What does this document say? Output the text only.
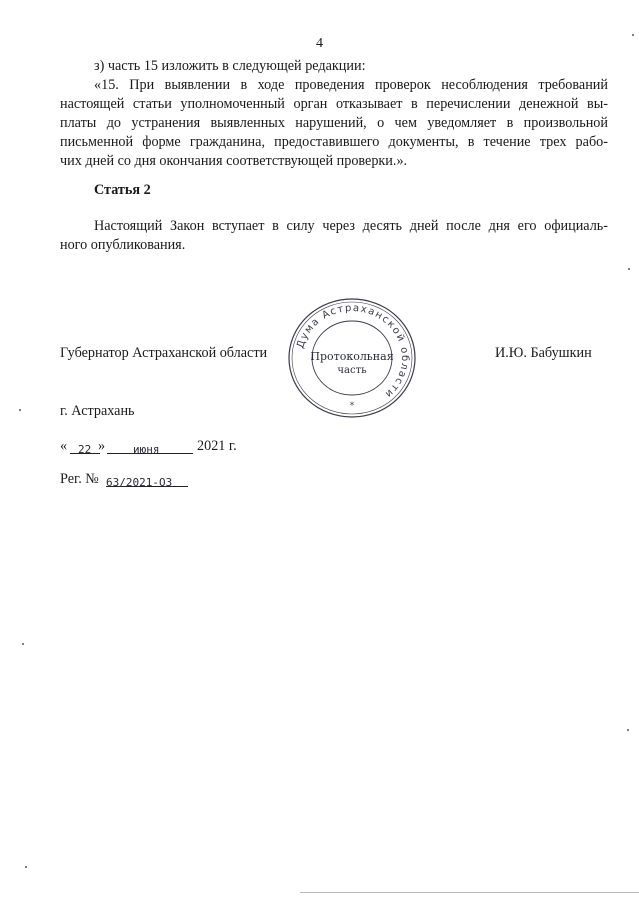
4
з) часть 15 изложить в следующей редакции:
«15. При выявлении в ходе проведения проверок несоблюдения требований
настоящей статьи уполномоченный орган отказывает в перечислении денежной вы-
платы до устранения выявленных нарушений, о чем уведомляет в произвольной
письменной форме гражданина, предоставившего документы, в течение трех рабо-
чих дней со дня окончания соответствующей проверки.».
Статья 2
Настоящий Закон вступает в силу через десять дней после дня его официаль-
ного опубликования.
Губернатор Астраханской области	И.Ю. Бабушкин
Дума Астраханской области
*
Протокольная
часть
г. Астрахань
« 22 »	июня	2021 г.
Рег. № 63/2021-ОЗ
